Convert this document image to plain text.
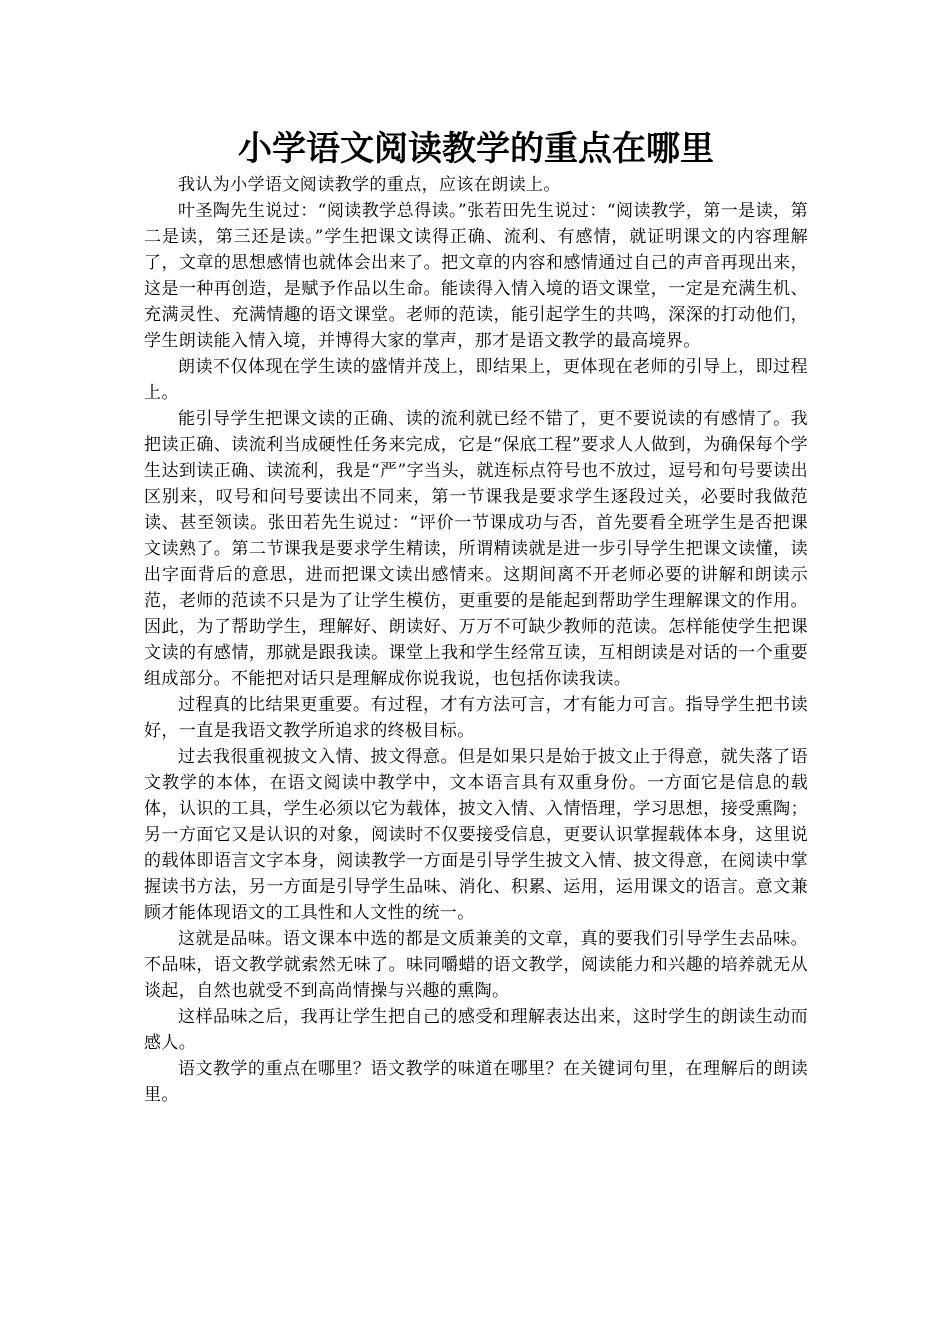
小学语文阅读教学的重点在哪里

我认为小学语文阅读教学的重点，应该在朗读上。

叶圣陶先生说过：“阅读教学总得读。”张若田先生说过：“阅读教学，第一是读，第二是读，第三还是读。”学生把课文读得正确、流利、有感情，就证明课文的内容理解了，文章的思想感情也就体会出来了。把文章的内容和感情通过自己的声音再现出来，这是一种再创造，是赋予作品以生命。能读得入情入境的语文课堂，一定是充满生机、充满灵性、充满情趣的语文课堂。老师的范读，能引起学生的共鸣，深深的打动他们，学生朗读能入情入境，并博得大家的掌声，那才是语文教学的最高境界。

朗读不仅体现在学生读的盛情并茂上，即结果上，更体现在老师的引导上，即过程上。

能引导学生把课文读的正确、读的流利就已经不错了，更不要说读的有感情了。我把读正确、读流利当成硬性任务来完成，它是“保底工程”要求人人做到，为确保每个学生达到读正确、读流利，我是“严”字当头，就连标点符号也不放过，逗号和句号要读出区别来，叹号和问号要读出不同来，第一节课我是要求学生逐段过关，必要时我做范读、甚至领读。张田若先生说过：“评价一节课成功与否，首先要看全班学生是否把课文读熟了。第二节课我是要求学生精读，所谓精读就是进一步引导学生把课文读懂，读出字面背后的意思，进而把课文读出感情来。这期间离不开老师必要的讲解和朗读示范，老师的范读不只是为了让学生模仿，更重要的是能起到帮助学生理解课文的作用。因此，为了帮助学生，理解好、朗读好、万万不可缺少教师的范读。怎样能使学生把课文读的有感情，那就是跟我读。课堂上我和学生经常互读，互相朗读是对话的一个重要组成部分。不能把对话只是理解成你说我说，也包括你读我读。

过程真的比结果更重要。有过程，才有方法可言，才有能力可言。指导学生把书读好，一直是我语文教学所追求的终极目标。

过去我很重视披文入情、披文得意。但是如果只是始于披文止于得意，就失落了语文教学的本体，在语文阅读中教学中，文本语言具有双重身份。一方面它是信息的载体，认识的工具，学生必须以它为载体，披文入情、入情悟理，学习思想，接受熏陶；另一方面它又是认识的对象，阅读时不仅要接受信息，更要认识掌握载体本身，这里说的载体即语言文字本身，阅读教学一方面是引导学生披文入情、披文得意，在阅读中掌握读书方法，另一方面是引导学生品味、消化、积累、运用，运用课文的语言。意文兼顾才能体现语文的工具性和人文性的统一。

这就是品味。语文课本中选的都是文质兼美的文章，真的要我们引导学生去品味。不品味，语文教学就索然无味了。味同嚼蜡的语文教学，阅读能力和兴趣的培养就无从谈起，自然也就受不到高尚情操与兴趣的熏陶。

这样品味之后，我再让学生把自己的感受和理解表达出来，这时学生的朗读生动而感人。

语文教学的重点在哪里？语文教学的味道在哪里？在关键词句里，在理解后的朗读里。
